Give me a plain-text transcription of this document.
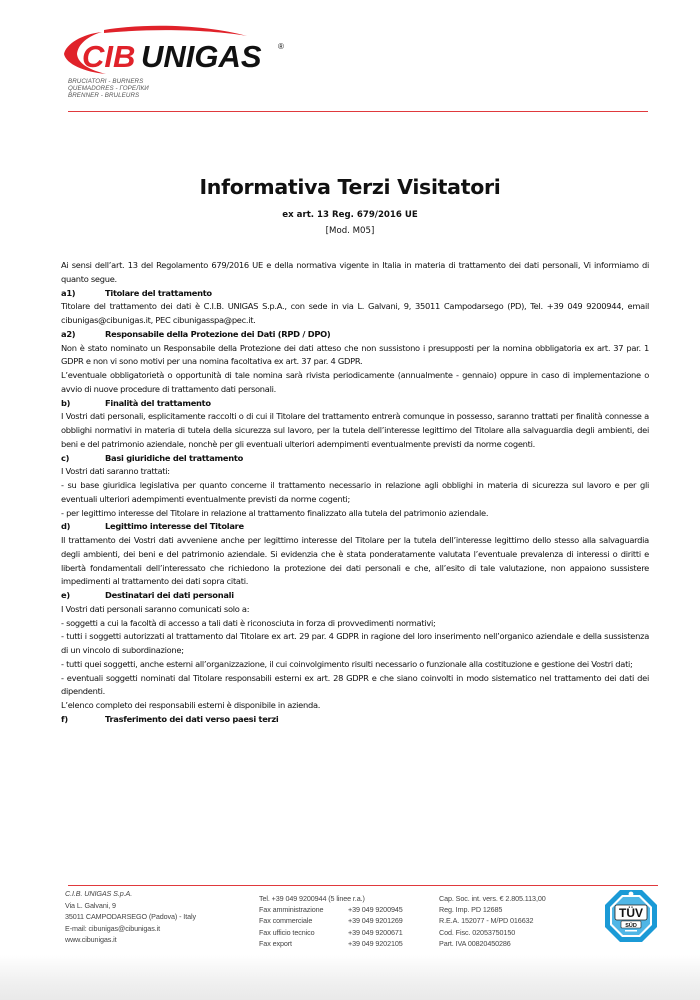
CIB UNIGAS ®
BRUCIATORI - BURNERS
QUEMADORES - ГОРЕЛКИ
BRENNER - BRULEURS
Informativa Terzi Visitatori
ex art. 13 Reg. 679/2016 UE
[Mod. M05]

Ai sensi dell’art. 13 del Regolamento 679/2016 UE e della normativa vigente in Italia in materia di trattamento dei dati personali, Vi informiamo di quanto segue.

a1)	Titolare del trattamento

Titolare del trattamento dei dati è C.I.B. UNIGAS S.p.A., con sede in via L. Galvani, 9, 35011 Campodarsego (PD), Tel. +39 049 9200944, email cibunigas@cibunigas.it, PEC cibunigasspa@pec.it.

a2)	Responsabile della Protezione dei Dati (RPD / DPO)

Non è stato nominato un Responsabile della Protezione dei dati atteso che non sussistono i presupposti per la nomina obbligatoria ex art. 37 par. 1 GDPR e non vi sono motivi per una nomina facoltativa ex art. 37 par. 4 GDPR.

L’eventuale obbligatorietà o opportunità di tale nomina sarà rivista periodicamente (annualmente - gennaio) oppure in caso di implementazione o avvio di nuove procedure di trattamento dati personali.

b)	Finalità del trattamento

I Vostri dati personali, esplicitamente raccolti o di cui il Titolare del trattamento entrerà comunque in possesso, saranno trattati per finalità connesse a obblighi normativi in materia di tutela della sicurezza sul lavoro, per la tutela dell’interesse legittimo del Titolare alla salvaguardia degli ambienti, dei beni e del patrimonio aziendale, nonchè per gli eventuali ulteriori adempimenti eventualmente previsti da norme cogenti.

c)	Basi giuridiche del trattamento

I Vostri dati saranno trattati:

- su base giuridica legislativa per quanto concerne il trattamento necessario in relazione agli obblighi in materia di sicurezza sul lavoro e per gli eventuali ulteriori adempimenti eventualmente previsti da norme cogenti;

- per legittimo interesse del Titolare in relazione al trattamento finalizzato alla tutela del patrimonio aziendale.

d)	Legittimo interesse del Titolare

Il trattamento dei Vostri dati avveniene anche per legittimo interesse del Titolare per la tutela dell’interesse legittimo dello stesso alla salvaguardia degli ambienti, dei beni e del patrimonio aziendale. Si evidenzia che è stata ponderatamente valutata l’eventuale prevalenza di interessi o diritti e libertà fondamentali dell’interessato che richiedono la protezione dei dati personali e che, all’esito di tale valutazione, non appaiono sussistere impedimenti al trattamento dei dati sopra citati.

e)	Destinatari dei dati personali

I Vostri dati personali saranno comunicati solo a:

- soggetti a cui la facoltà di accesso a tali dati è riconosciuta in forza di provvedimenti normativi;

- tutti i soggetti autorizzati al trattamento dal Titolare ex art. 29 par. 4 GDPR in ragione del loro inserimento nell’organico aziendale e della sussistenza di un vincolo di subordinazione;

- tutti quei soggetti, anche esterni all’organizzazione, il cui coinvolgimento risulti necessario o funzionale alla costituzione e gestione dei Vostri dati;

- eventuali soggetti nominati dal Titolare responsabili esterni ex art. 28 GDPR e che siano coinvolti in modo sistematico nel trattamento dei dati dei dipendenti.

L’elenco completo dei responsabili esterni è disponibile in azienda.

f)	Trasferimento dei dati verso paesi terzi
C.I.B. UNIGAS S.p.A.
Via L. Galvani, 9
35011 CAMPODARSEGO (Padova) - Italy
E-mail: cibunigas@cibunigas.it
www.cibunigas.it
Tel. +39 049 9200944 (5 linee r.a.)
Fax amministrazione	+39 049 9200945
Fax commerciale	+39 049 9201269
Fax ufficio tecnico	+39 049 9200671
Fax export	+39 049 9202105
Cap. Soc. int. vers. € 2.805.113,00
Reg. Imp. PD 12685
R.E.A. 152077 - M/PD 016632
Cod. Fisc. 02053750150
Part. IVA 00820450286
TÜV
SÜD
